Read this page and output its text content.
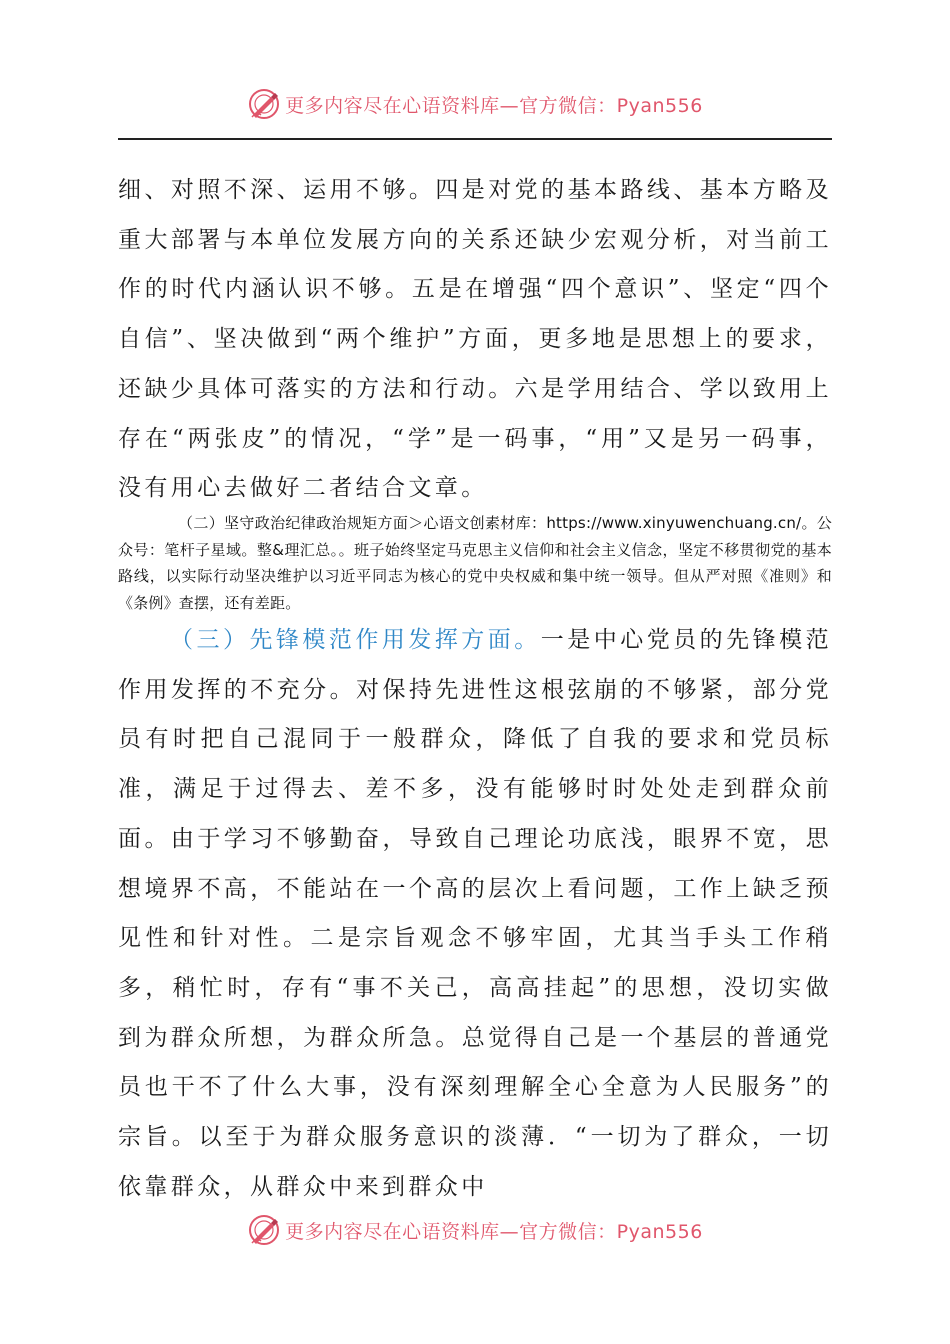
更多内容尽在心语资料库—官方微信：Pyan556

细、对照不深、运用不够。四是对党的基本路线、基本方略及重大部署与本单位发展方向的关系还缺少宏观分析，对当前工作的时代内涵认识不够。五是在增强“四个意识”、坚定“四个自信”、坚决做到“两个维护”方面，更多地是思想上的要求，还缺少具体可落实的方法和行动。六是学用结合、学以致用上存在“两张皮”的情况，“学”是一码事，“用”又是另一码事，没有用心去做好二者结合文章。

（二）坚守政治纪律政治规矩方面＞心语文创素材库：https://www.xinyuwenchuang.cn/。公众号：笔杆子星域。整&理汇总。。班子始终坚定马克思主义信仰和社会主义信念，坚定不移贯彻党的基本路线，以实际行动坚决维护以习近平同志为核心的党中央权威和集中统一领导。但从严对照《准则》和《条例》查摆，还有差距。

（三）先锋模范作用发挥方面。一是中心党员的先锋模范作用发挥的不充分。对保持先进性这根弦崩的不够紧，部分党员有时把自己混同于一般群众，降低了自我的要求和党员标准，满足于过得去、差不多，没有能够时时处处走到群众前面。由于学习不够勤奋，导致自己理论功底浅，眼界不宽，思想境界不高，不能站在一个高的层次上看问题，工作上缺乏预见性和针对性。二是宗旨观念不够牢固，尤其当手头工作稍多，稍忙时，存有“事不关己，高高挂起”的思想，没切实做到为群众所想，为群众所急。总觉得自己是一个基层的普通党员也干不了什么大事，没有深刻理解全心全意为人民服务”的宗旨。以至于为群众服务意识的淡薄．“一切为了群众，一切依靠群众，从群众中来到群众中

更多内容尽在心语资料库—官方微信：Pyan556
